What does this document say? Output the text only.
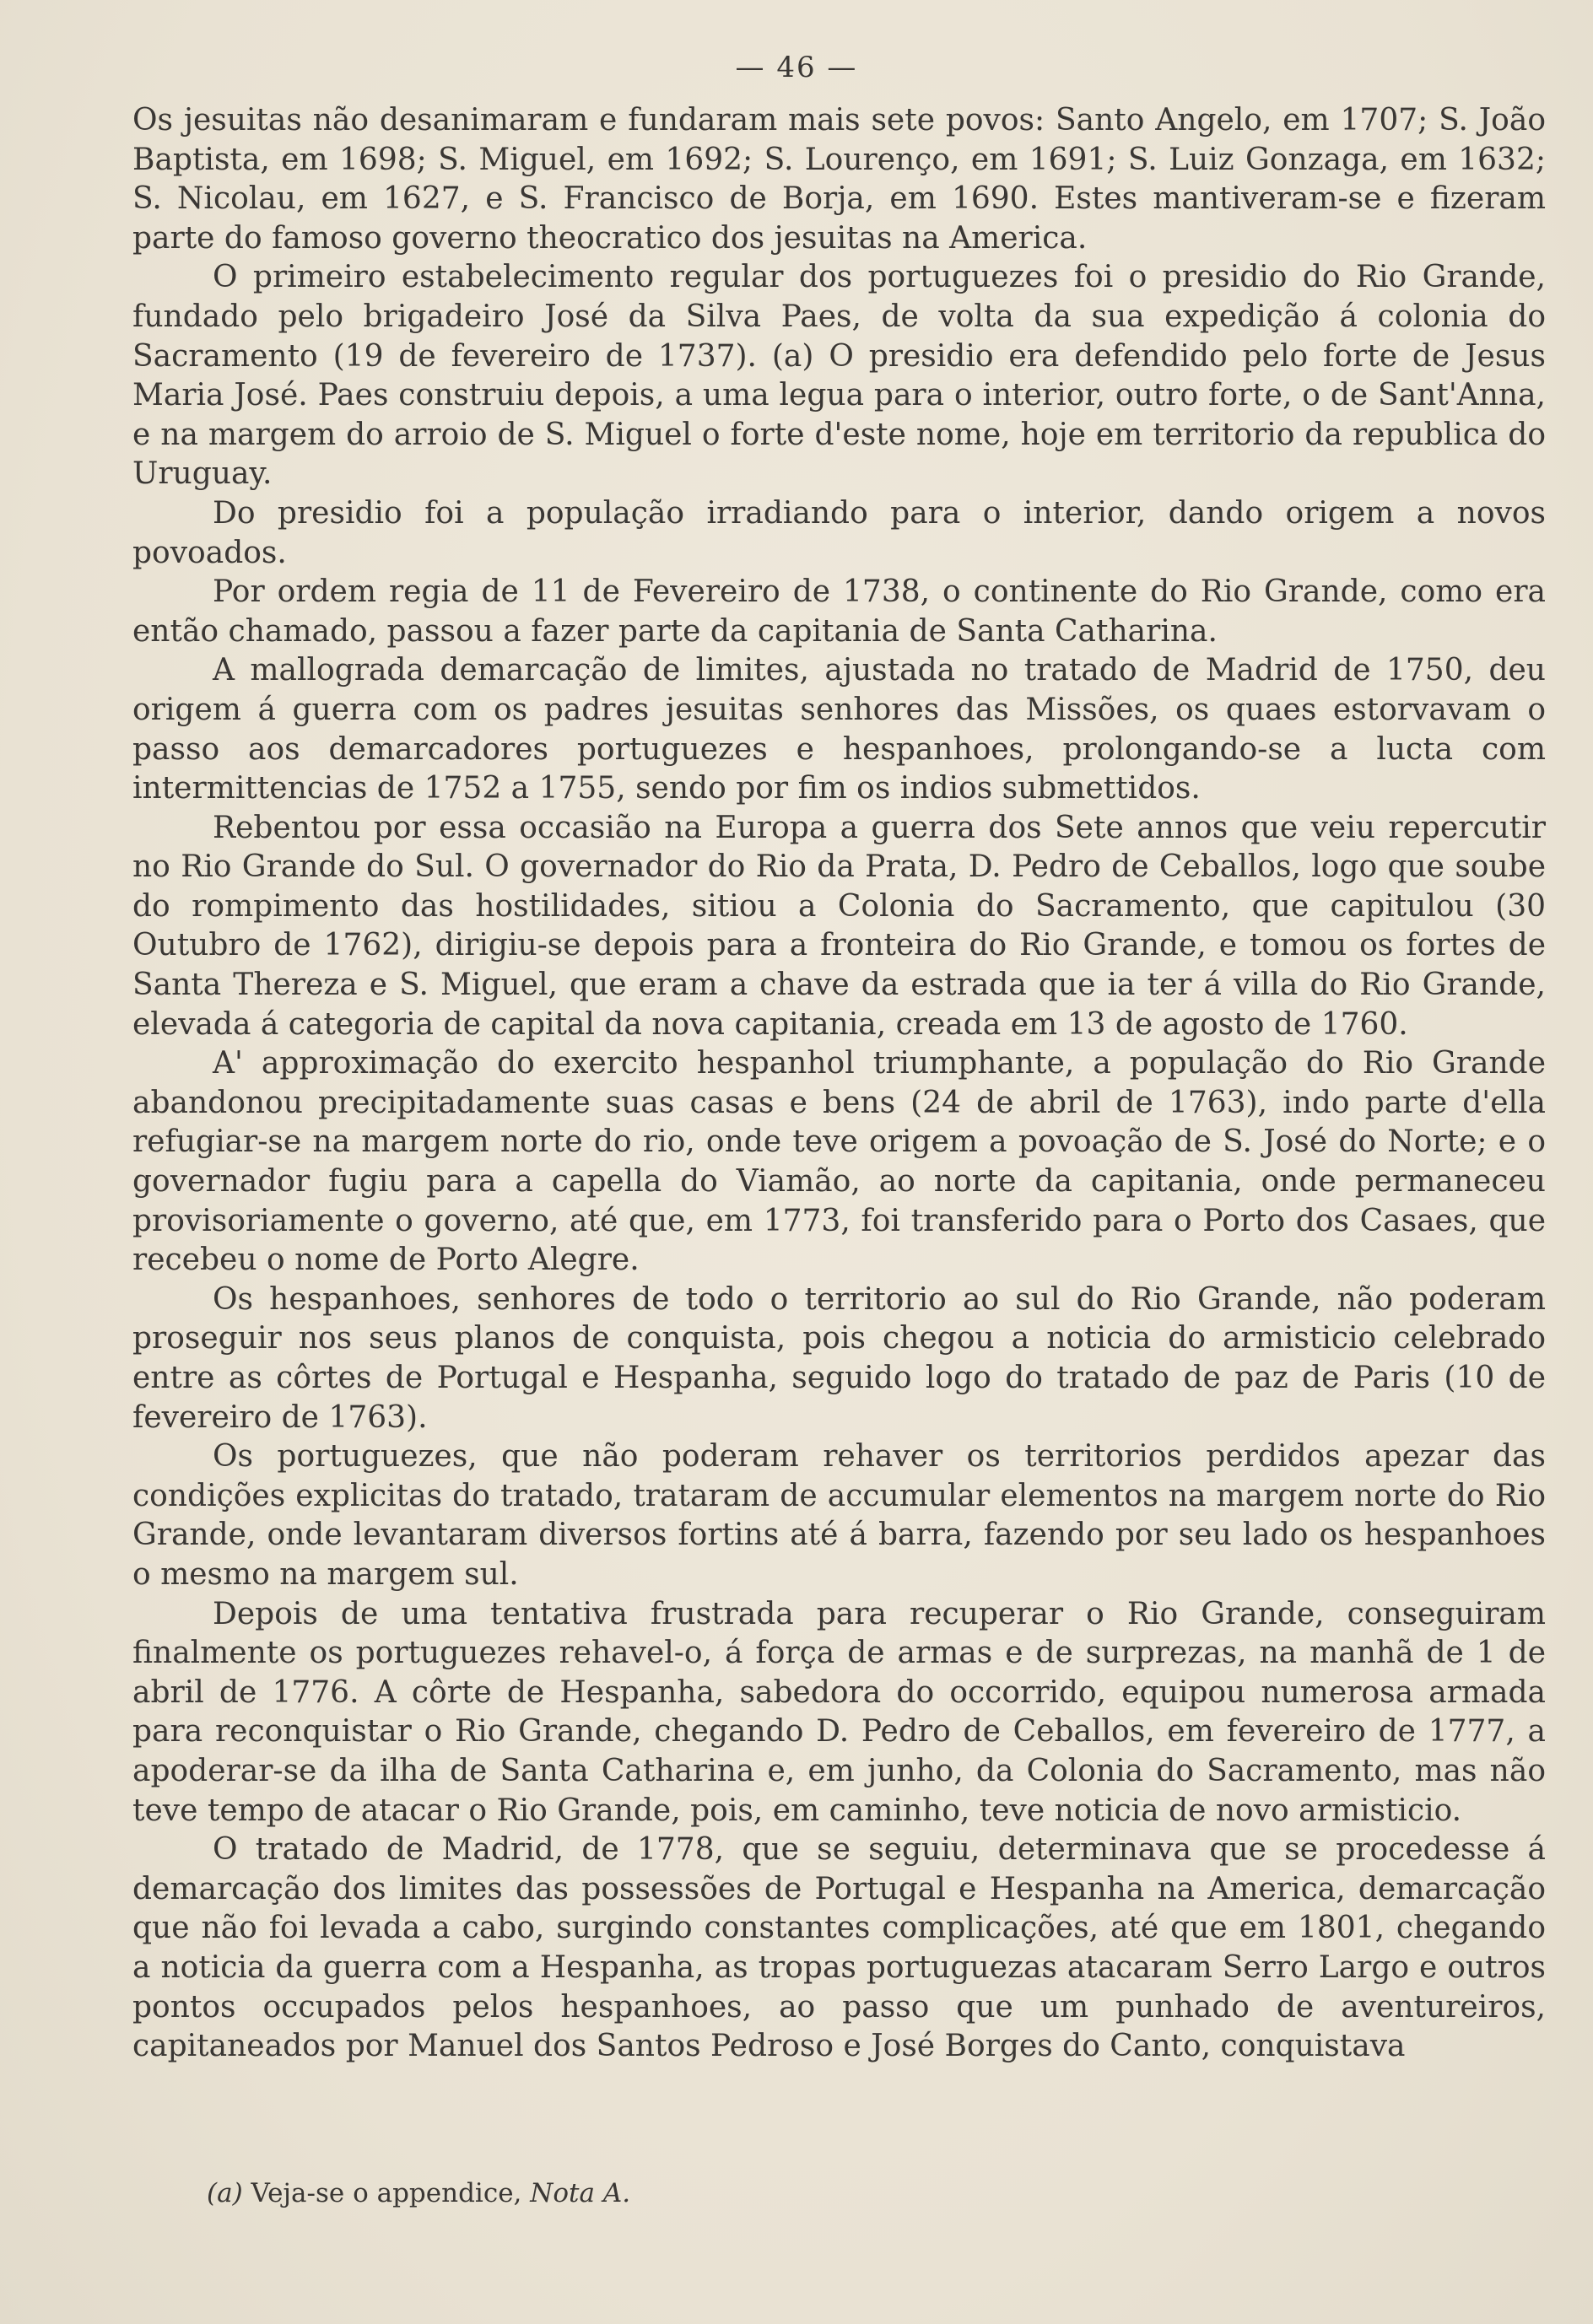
— 46 —

Os jesuitas não desanimaram e fundaram mais sete povos: Santo Angelo, em 1707; S. João Baptista, em 1698; S. Miguel, em 1692; S. Lourenço, em 1691; S. Luiz Gonzaga, em 1632; S. Nicolau, em 1627, e S. Francisco de Borja, em 1690. Estes mantiveram-se e fizeram parte do famoso governo theocratico dos jesuitas na America.

O primeiro estabelecimento regular dos portuguezes foi o presidio do Rio Grande, fundado pelo brigadeiro José da Silva Paes, de volta da sua expedição á colonia do Sacramento (19 de fevereiro de 1737). (a) O presidio era defendido pelo forte de Jesus Maria José. Paes construiu depois, a uma legua para o interior, outro forte, o de Sant'Anna, e na margem do arroio de S. Miguel o forte d'este nome, hoje em territorio da republica do Uruguay.

Do presidio foi a população irradiando para o interior, dando origem a novos povoados.

Por ordem regia de 11 de Fevereiro de 1738, o continente do Rio Grande, como era então chamado, passou a fazer parte da capitania de Santa Catharina.

A mallograda demarcação de limites, ajustada no tratado de Madrid de 1750, deu origem á guerra com os padres jesuitas senhores das Missões, os quaes estorvavam o passo aos demarcadores portuguezes e hespanhoes, prolongando-se a lucta com intermittencias de 1752 a 1755, sendo por fim os indios submettidos.

Rebentou por essa occasião na Europa a guerra dos Sete annos que veiu repercutir no Rio Grande do Sul. O governador do Rio da Prata, D. Pedro de Ceballos, logo que soube do rompimento das hostilidades, sitiou a Colonia do Sacramento, que capitulou (30 Outubro de 1762), dirigiu-se depois para a fronteira do Rio Grande, e tomou os fortes de Santa Thereza e S. Miguel, que eram a chave da estrada que ia ter á villa do Rio Grande, elevada á categoria de capital da nova capitania, creada em 13 de agosto de 1760.

A' approximação do exercito hespanhol triumphante, a população do Rio Grande abandonou precipitadamente suas casas e bens (24 de abril de 1763), indo parte d'ella refugiar-se na margem norte do rio, onde teve origem a povoação de S. José do Norte; e o governador fugiu para a capella do Viamão, ao norte da capitania, onde permaneceu provisoriamente o governo, até que, em 1773, foi transferido para o Porto dos Casaes, que recebeu o nome de Porto Alegre.

Os hespanhoes, senhores de todo o territorio ao sul do Rio Grande, não poderam proseguir nos seus planos de conquista, pois chegou a noticia do armisticio celebrado entre as côrtes de Portugal e Hespanha, seguido logo do tratado de paz de Paris (10 de fevereiro de 1763).

Os portuguezes, que não poderam rehaver os territorios perdidos apezar das condições explicitas do tratado, trataram de accumular elementos na margem norte do Rio Grande, onde levantaram diversos fortins até á barra, fazendo por seu lado os hespanhoes o mesmo na margem sul.

Depois de uma tentativa frustrada para recuperar o Rio Grande, conseguiram finalmente os portuguezes rehavel-o, á força de armas e de surprezas, na manhã de 1 de abril de 1776. A côrte de Hespanha, sabedora do occorrido, equipou numerosa armada para reconquistar o Rio Grande, chegando D. Pedro de Ceballos, em fevereiro de 1777, a apoderar-se da ilha de Santa Catharina e, em junho, da Colonia do Sacramento, mas não teve tempo de atacar o Rio Grande, pois, em caminho, teve noticia de novo armisticio.

O tratado de Madrid, de 1778, que se seguiu, determinava que se procedesse á demarcação dos limites das possessões de Portugal e Hespanha na America, demarcação que não foi levada a cabo, surgindo constantes complicações, até que em 1801, chegando a noticia da guerra com a Hespanha, as tropas portuguezas atacaram Serro Largo e outros pontos occupados pelos hespanhoes, ao passo que um punhado de aventureiros, capitaneados por Manuel dos Santos Pedroso e José Borges do Canto, conquistava

(a) Veja-se o appendice, Nota A.
